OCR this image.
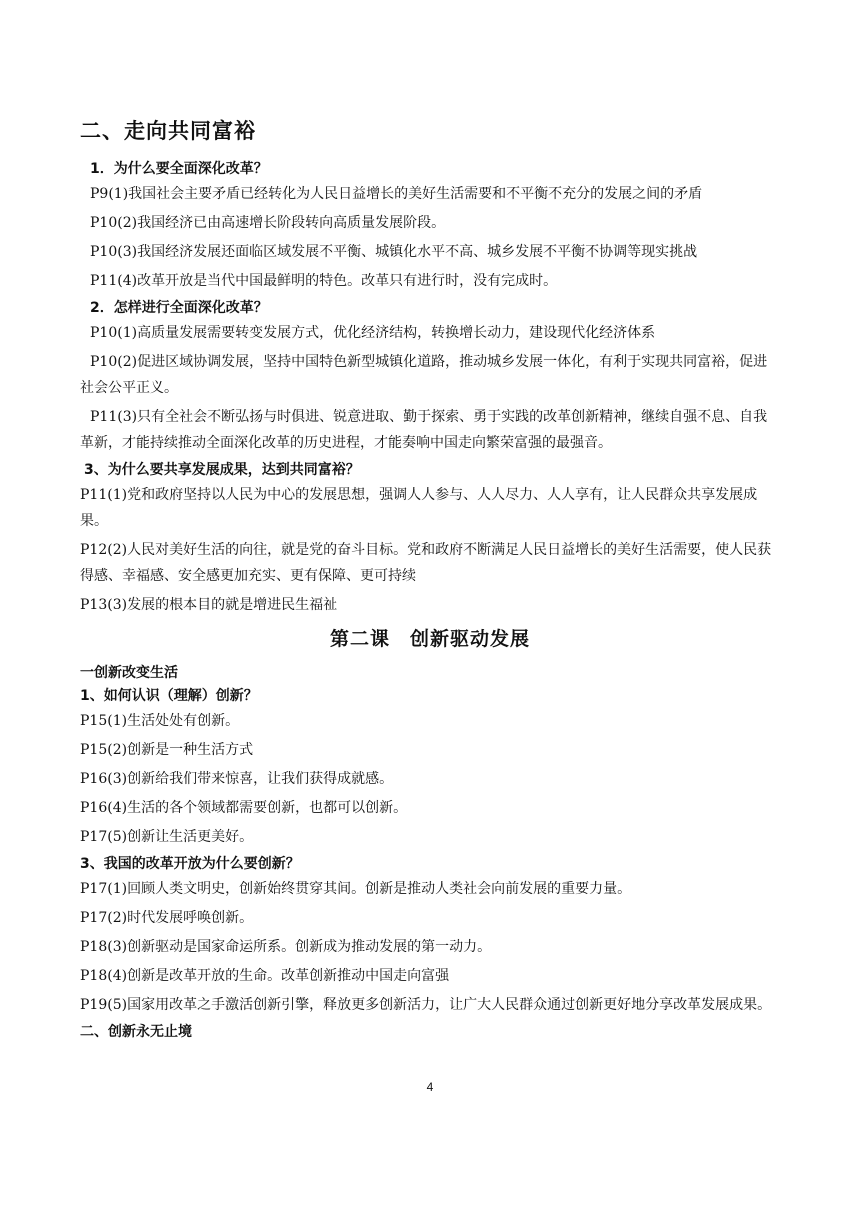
二、走向共同富裕
1．为什么要全面深化改革？

P9(1)我国社会主要矛盾已经转化为人民日益增长的美好生活需要和不平衡不充分的发展之间的矛盾

P10(2)我国经济已由高速增长阶段转向高质量发展阶段。

P10(3)我国经济发展还面临区域发展不平衡、城镇化水平不高、城乡发展不平衡不协调等现实挑战

P11(4)改革开放是当代中国最鲜明的特色。改革只有进行时，没有完成时。

2．怎样进行全面深化改革？

P10(1)高质量发展需要转变发展方式，优化经济结构，转换增长动力，建设现代化经济体系

P10(2)促进区域协调发展，坚持中国特色新型城镇化道路，推动城乡发展一体化，有利于实现共同富裕，促进社会公平正义。

P11(3)只有全社会不断弘扬与时俱进、锐意进取、勤于探索、勇于实践的改革创新精神，继续自强不息、自我革新，才能持续推动全面深化改革的历史进程，才能奏响中国走向繁荣富强的最强音。

3、为什么要共享发展成果，达到共同富裕？

P11(1)党和政府坚持以人民为中心的发展思想，强调人人参与、人人尽力、人人享有，让人民群众共享发展成果。

P12(2)人民对美好生活的向往，就是党的奋斗目标。党和政府不断满足人民日益增长的美好生活需要，使人民获得感、幸福感、安全感更加充实、更有保障、更可持续

P13(3)发展的根本目的就是增进民生福祉

第二课　创新驱动发展
一创新改变生活
1、如何认识（理解）创新？

P15(1)生活处处有创新。

P15(2)创新是一种生活方式

P16(3)创新给我们带来惊喜，让我们获得成就感。

P16(4)生活的各个领域都需要创新，也都可以创新。

P17(5)创新让生活更美好。

3、我国的改革开放为什么要创新？

P17(1)回顾人类文明史，创新始终贯穿其间。创新是推动人类社会向前发展的重要力量。

P17(2)时代发展呼唤创新。

P18(3)创新驱动是国家命运所系。创新成为推动发展的第一动力。

P18(4)创新是改革开放的生命。改革创新推动中国走向富强

P19(5)国家用改革之手激活创新引擎，释放更多创新活力，让广大人民群众通过创新更好地分享改革发展成果。

二、创新永无止境
4
